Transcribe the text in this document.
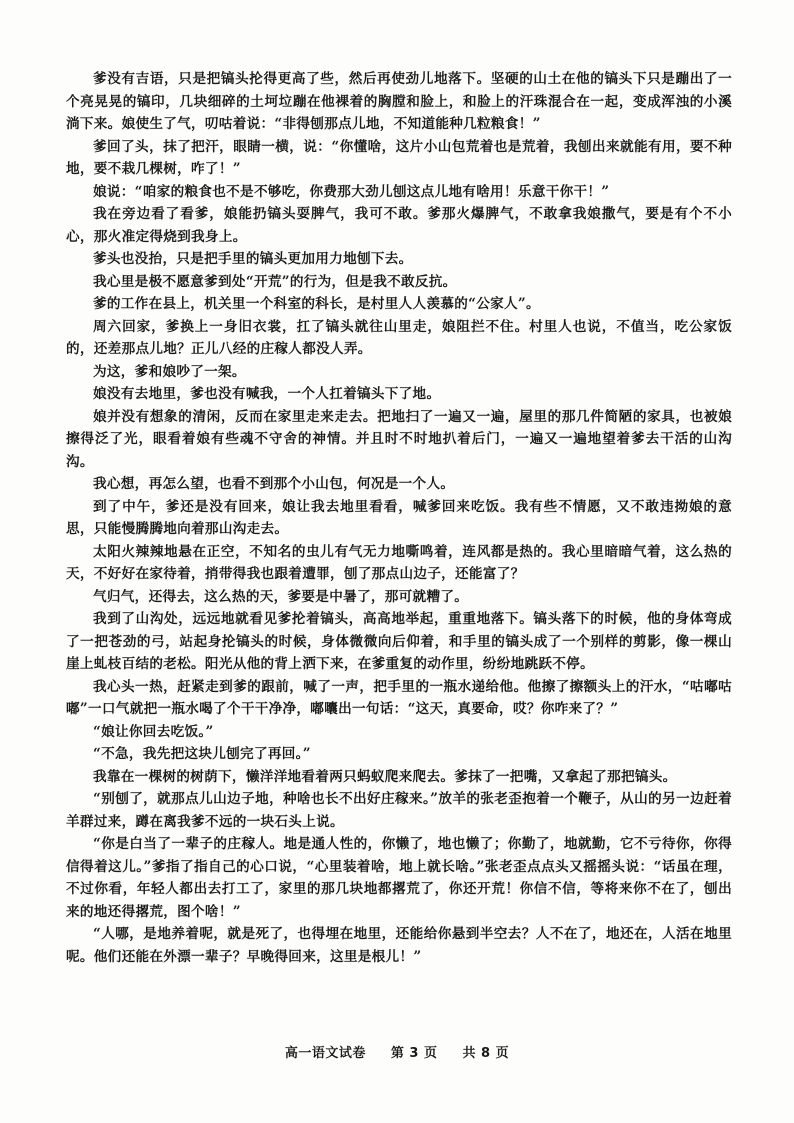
爹没有吉语，只是把镐头抡得更高了些，然后再使劲儿地落下。坚硬的山土在他的镐头下只是蹦出了一个亮晃晃的镐印，几块细碎的土坷垃蹦在他裸着的胸膛和脸上，和脸上的汗珠混合在一起，变成浑浊的小溪淌下来。娘使生了气，叨咕着说：“非得刨那点儿地，不知道能种几粒粮食！”

爹回了头，抹了把汗，眼睛一横，说：“你懂啥，这片小山包荒着也是荒着，我刨出来就能有用，要不种地，要不栽几棵树，咋了！”

娘说：“咱家的粮食也不是不够吃，你费那大劲儿刨这点儿地有啥用！乐意干你干！”

我在旁边看了看爹，娘能扔镐头耍脾气，我可不敢。爹那火爆脾气，不敢拿我娘撒气，要是有个不小心，那火准定得烧到我身上。

爹头也没抬，只是把手里的镐头更加用力地刨下去。

我心里是极不愿意爹到处“开荒”的行为，但是我不敢反抗。

爹的工作在县上，机关里一个科室的科长，是村里人人羡慕的“公家人”。

周六回家，爹换上一身旧衣裳，扛了镐头就往山里走，娘阻拦不住。村里人也说，不值当，吃公家饭的，还差那点儿地？正儿八经的庄稼人都没人弄。

为这，爹和娘吵了一架。

娘没有去地里，爹也没有喊我，一个人扛着镐头下了地。

娘并没有想象的清闲，反而在家里走来走去。把地扫了一遍又一遍，屋里的那几件简陋的家具，也被娘擦得泛了光，眼看着娘有些魂不守舍的神情。并且时不时地扒着后门，一遍又一遍地望着爹去干活的山沟沟。

我心想，再怎么望，也看不到那个小山包，何况是一个人。

到了中午，爹还是没有回来，娘让我去地里看看，喊爹回来吃饭。我有些不情愿，又不敢违拗娘的意思，只能慢腾腾地向着那山沟走去。

太阳火辣辣地悬在正空，不知名的虫儿有气无力地嘶鸣着，连风都是热的。我心里暗暗气着，这么热的天，不好好在家待着，捎带得我也跟着遭罪，刨了那点山边子，还能富了？

气归气，还得去，这么热的天，爹要是中暑了，那可就糟了。

我到了山沟处，远远地就看见爹抡着镐头，高高地举起，重重地落下。镐头落下的时候，他的身体弯成了一把苍劲的弓，站起身抡镐头的时候，身体微微向后仰着，和手里的镐头成了一个别样的剪影，像一棵山崖上虬枝百结的老松。阳光从他的背上洒下来，在爹重复的动作里，纷纷地跳跃不停。

我心头一热，赶紧走到爹的跟前，喊了一声，把手里的一瓶水递给他。他擦了擦额头上的汗水，“咕嘟咕嘟”一口气就把一瓶水喝了个干干净净，嘟囔出一句话：“这天，真要命，哎？你咋来了？”

“娘让你回去吃饭。”

“不急，我先把这块儿刨完了再回。”

我靠在一棵树的树荫下，懒洋洋地看着两只蚂蚁爬来爬去。爹抹了一把嘴，又拿起了那把镐头。

“别刨了，就那点儿山边子地，种啥也长不出好庄稼来。”放羊的张老歪抱着一个鞭子，从山的另一边赶着羊群过来，蹲在离我爹不远的一块石头上说。

“你是白当了一辈子的庄稼人。地是通人性的，你懒了，地也懒了；你勤了，地就勤，它不亏待你，你得信得着这儿。”爹指了指自己的心口说，“心里装着啥，地上就长啥。”张老歪点点头又摇摇头说：“话虽在理，不过你看，年轻人都出去打工了，家里的那几块地都撂荒了，你还开荒！你信不信，等将来你不在了，刨出来的地还得撂荒，图个啥！”

“人哪，是地养着呢，就是死了，也得埋在地里，还能给你悬到半空去？人不在了，地还在，人活在地里呢。他们还能在外漂一辈子？早晚得回来，这里是根儿！”

高一语文试卷 第 3 页 共 8 页
